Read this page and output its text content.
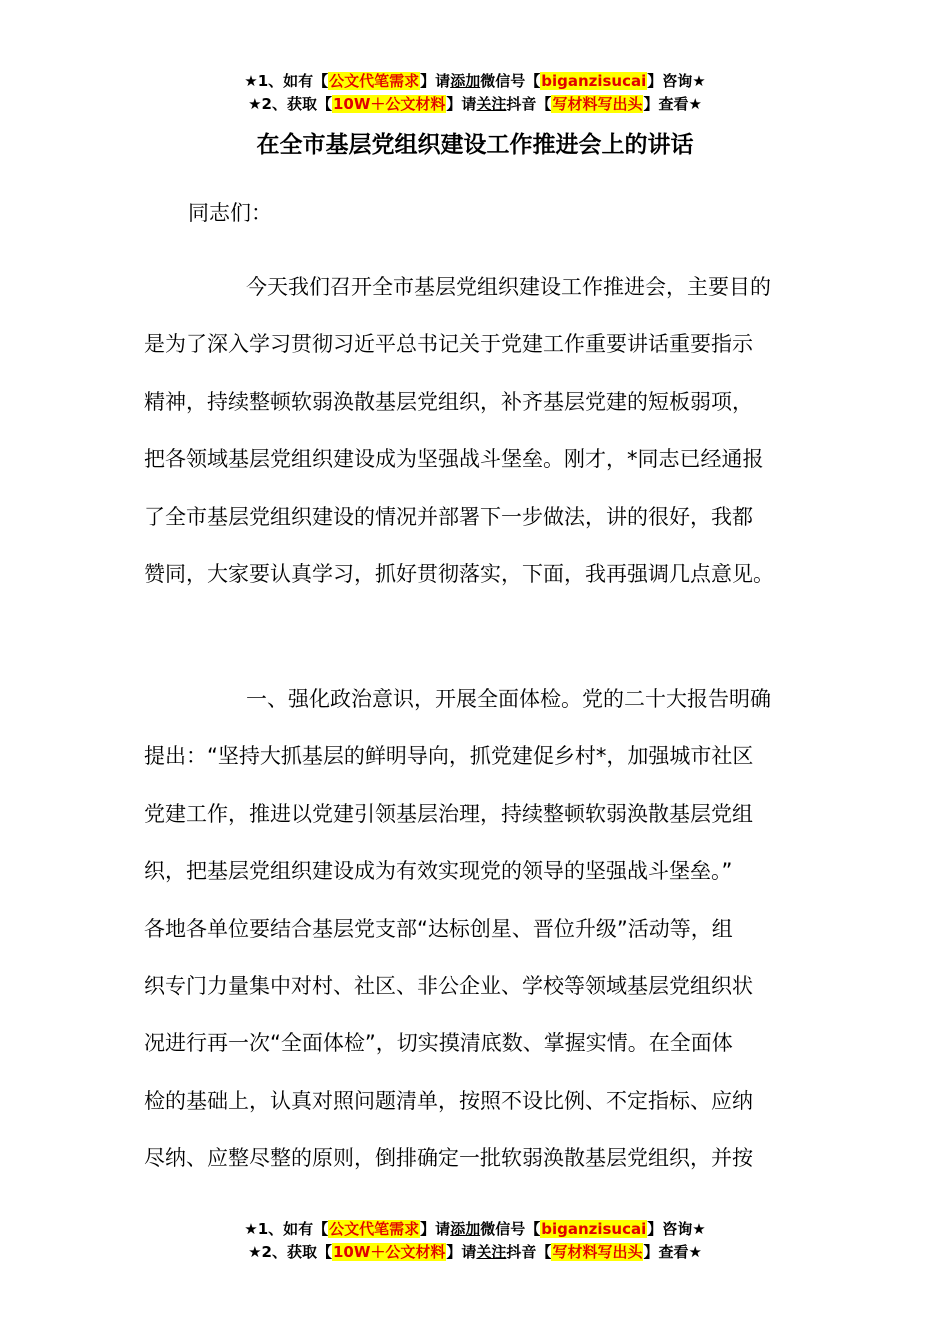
★1、如有【公文代笔需求】请添加微信号【biganzisucai】咨询★
★2、获取【10W＋公文材料】请关注抖音【写材料写出头】查看★
在全市基层党组织建设工作推进会上的讲话
同志们：
今天我们召开全市基层党组织建设工作推进会，主要目的
是为了深入学习贯彻习近平总书记关于党建工作重要讲话重要指示
精神，持续整顿软弱涣散基层党组织，补齐基层党建的短板弱项，
把各领域基层党组织建设成为坚强战斗堡垒。刚才，*同志已经通报
了全市基层党组织建设的情况并部署下一步做法，讲的很好，我都
赞同，大家要认真学习，抓好贯彻落实，下面，我再强调几点意见。
一、强化政治意识，开展全面体检。党的二十大报告明确
提出：“坚持大抓基层的鲜明导向，抓党建促乡村*，加强城市社区
党建工作，推进以党建引领基层治理，持续整顿软弱涣散基层党组
织，把基层党组织建设成为有效实现党的领导的坚强战斗堡垒。”
各地各单位要结合基层党支部“达标创星、晋位升级”活动等，组
织专门力量集中对村、社区、非公企业、学校等领域基层党组织状
况进行再一次“全面体检”，切实摸清底数、掌握实情。在全面体
检的基础上，认真对照问题清单，按照不设比例、不定指标、应纳
尽纳、应整尽整的原则，倒排确定一批软弱涣散基层党组织，并按
★1、如有【公文代笔需求】请添加微信号【biganzisucai】咨询★
★2、获取【10W＋公文材料】请关注抖音【写材料写出头】查看★
